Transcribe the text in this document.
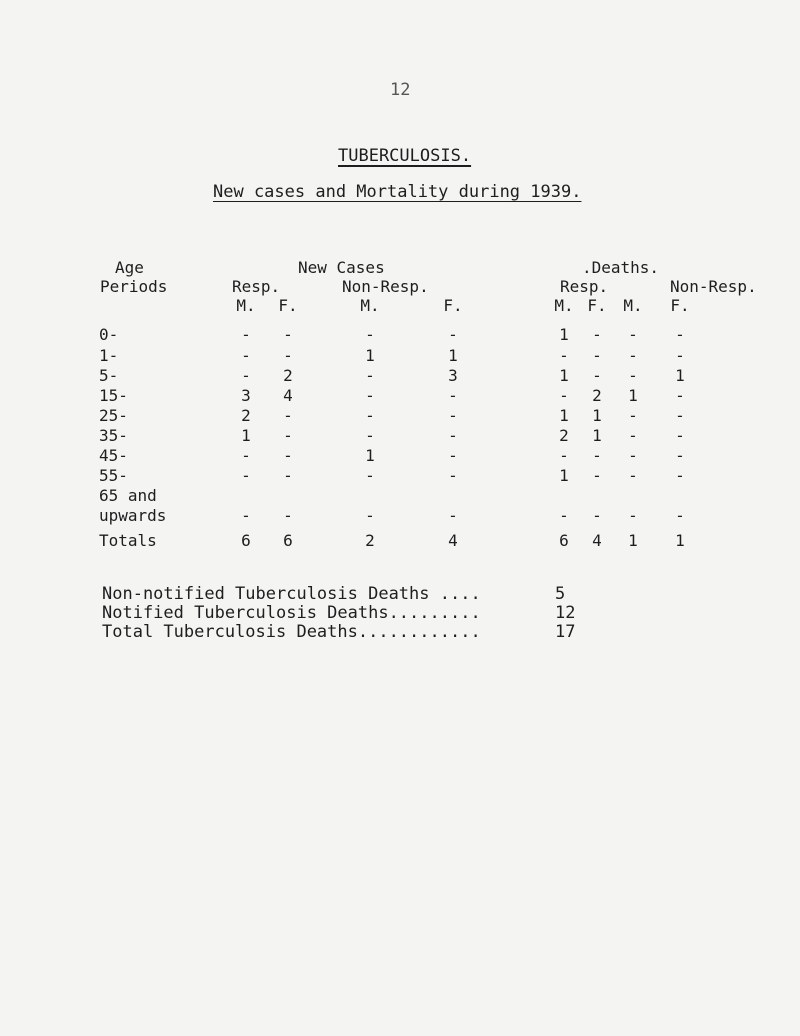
12
TUBERCULOSIS.
New cases and Mortality during 1939.
Age
Periods
New Cases	.Deaths.
Resp.	Non-Resp.	Resp.	Non-Resp.
M. F.	M.	F.	M. F. M. F.
0-	- -	-	-	1 - - -
1-	- -	1	1	- - - -
5-	- 2	-	3	1 - - 1
15-	3 4	-	-	- 2 1 -
25-	2 -	-	-	1 1 - -
35-	1 -	-	-	2 1 - -
45-	- -	1	-	- - - -
55-	- -	-	-	1 - - -
65 and
upwards	- -	-	-	- - - -
Totals	6 6	2	4	6 4 1 1
Non-notified Tuberculosis Deaths ....	5
Notified Tuberculosis Deaths.........	12
Total Tuberculosis Deaths............	17
